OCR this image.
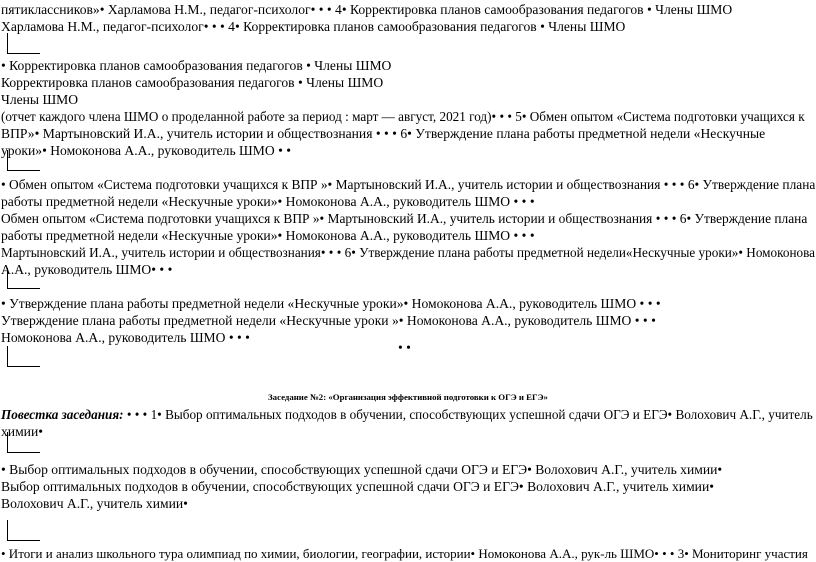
пятиклассников»• Харламова Н.М., педагог-психолог• • • 4• Корректировка планов самообразования педагогов • Члены ШМО
Харламова Н.М., педагог-психолог• • • 4• Корректировка планов самообразования педагогов • Члены ШМО
• Корректировка планов самообразования педагогов • Члены ШМО
Корректировка планов самообразования педагогов • Члены ШМО
Члены ШМО
(отчет каждого члена ШМО о проделанной работе за период : март — август, 2021 год)• • • 5• Обмен опытом «Система подготовки учащихся к
ВПР»• Мартыновский И.А., учитель истории и обществознания • • • 6• Утверждение плана работы предметной недели «Нескучные
уроки»• Номоконова А.А., руководитель ШМО • •
• Обмен опытом «Система подготовки учащихся к ВПР »• Мартыновский И.А., учитель истории и обществознания • • • 6• Утверждение плана
работы предметной недели «Нескучные уроки»• Номоконова А.А., руководитель ШМО • • •
Обмен опытом «Система подготовки учащихся к ВПР »• Мартыновский И.А., учитель истории и обществознания • • • 6• Утверждение плана
работы предметной недели «Нескучные уроки»• Номоконова А.А., руководитель ШМО • • •
Мартыновский И.А., учитель истории и обществознания• • • 6• Утверждение плана работы предметной недели«Нескучные уроки»• Номоконова
А.А., руководитель ШМО• • •
• Утверждение плана работы предметной недели «Нескучные уроки»• Номоконова А.А., руководитель ШМО • • •
Утверждение плана работы предметной недели «Нескучные уроки »• Номоконова А.А., руководитель ШМО • • •
Номоконова А.А., руководитель ШМО • • •
• •
Заседание №2: «Организация эффективной подготовки к ОГЭ и ЕГЭ»
Повестка заседания: • • • 1• Выбор оптимальных подходов в обучении, способствующих успешной сдачи ОГЭ и ЕГЭ• Волохович А.Г., учитель
химии•
• Выбор оптимальных подходов в обучении, способствующих успешной сдачи ОГЭ и ЕГЭ• Волохович А.Г., учитель химии•
Выбор оптимальных подходов в обучении, способствующих успешной сдачи ОГЭ и ЕГЭ• Волохович А.Г., учитель химии•
Волохович А.Г., учитель химии•
• Итоги и анализ школьного тура олимпиад по химии, биологии, географии, истории• Номоконова А.А., рук-ль ШМО• • • 3• Мониторинг участия
